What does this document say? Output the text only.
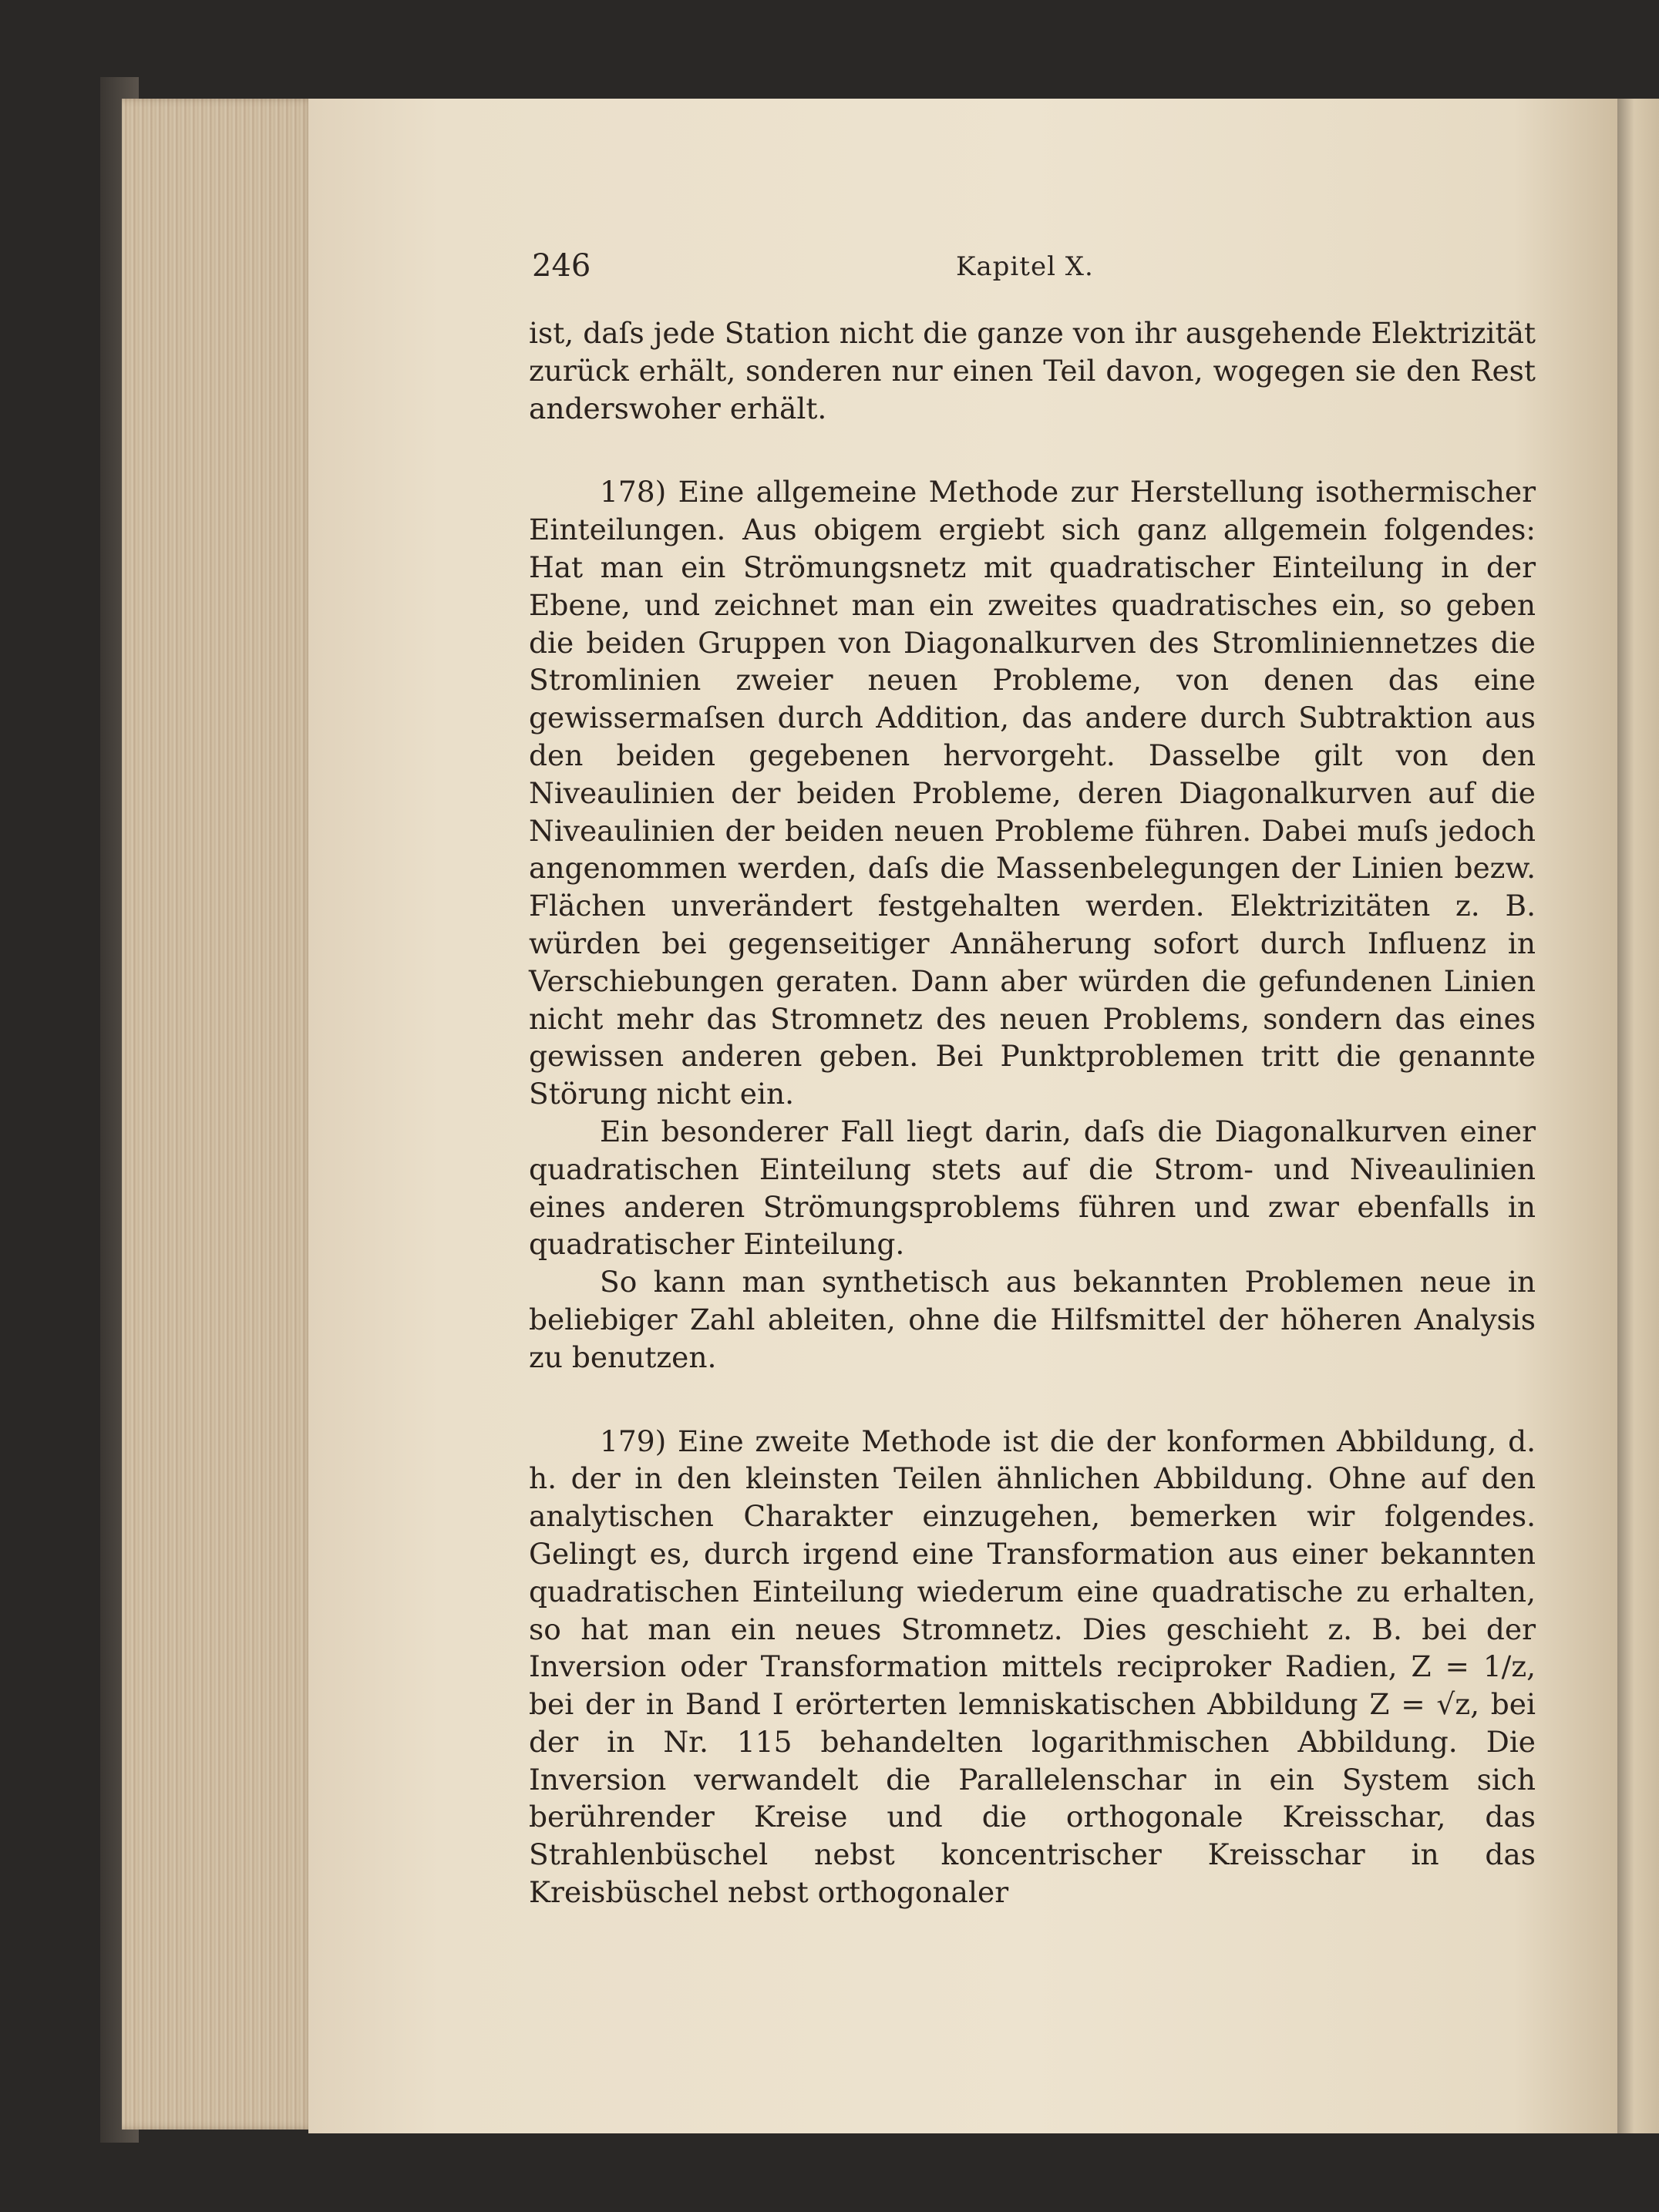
246	Kapitel X.

ist, daſs jede Station nicht die ganze von ihr ausgehende Elektrizität zurück erhält, sonderen nur einen Teil davon, wogegen sie den Rest anderswoher erhält.

178) Eine allgemeine Methode zur Herstellung isothermischer Einteilungen. Aus obigem ergiebt sich ganz allgemein folgendes: Hat man ein Strömungsnetz mit quadratischer Einteilung in der Ebene, und zeichnet man ein zweites quadratisches ein, so geben die beiden Gruppen von Diagonalkurven des Stromliniennetzes die Stromlinien zweier neuen Probleme, von denen das eine gewissermaſsen durch Addition, das andere durch Subtraktion aus den beiden gegebenen hervorgeht. Dasselbe gilt von den Niveaulinien der beiden Probleme, deren Diagonalkurven auf die Niveaulinien der beiden neuen Probleme führen. Dabei muſs jedoch angenommen werden, daſs die Massenbelegungen der Linien bezw. Flächen unverändert festgehalten werden. Elektrizitäten z. B. würden bei gegenseitiger Annäherung sofort durch Influenz in Verschiebungen geraten. Dann aber würden die gefundenen Linien nicht mehr das Stromnetz des neuen Problems, sondern das eines gewissen anderen geben. Bei Punktproblemen tritt die genannte Störung nicht ein.

Ein besonderer Fall liegt darin, daſs die Diagonalkurven einer quadratischen Einteilung stets auf die Strom- und Niveaulinien eines anderen Strömungsproblems führen und zwar ebenfalls in quadratischer Einteilung.

So kann man synthetisch aus bekannten Problemen neue in beliebiger Zahl ableiten, ohne die Hilfsmittel der höheren Analysis zu benutzen.

179) Eine zweite Methode ist die der konformen Abbildung, d. h. der in den kleinsten Teilen ähnlichen Abbildung. Ohne auf den analytischen Charakter einzugehen, bemerken wir folgendes. Gelingt es, durch irgend eine Transformation aus einer bekannten quadratischen Einteilung wiederum eine quadratische zu erhalten, so hat man ein neues Stromnetz. Dies geschieht z. B. bei der Inversion oder Transformation mittels reciproker Radien, Z = 1/z, bei der in Band I erörterten lemniskatischen Abbildung Z = √z, bei der in Nr. 115 behandelten logarithmischen Abbildung. Die Inversion verwandelt die Parallelenschar in ein System sich berührender Kreise und die orthogonale Kreisschar, das Strahlenbüschel nebst koncentrischer Kreisschar in das Kreisbüschel nebst orthogonaler
